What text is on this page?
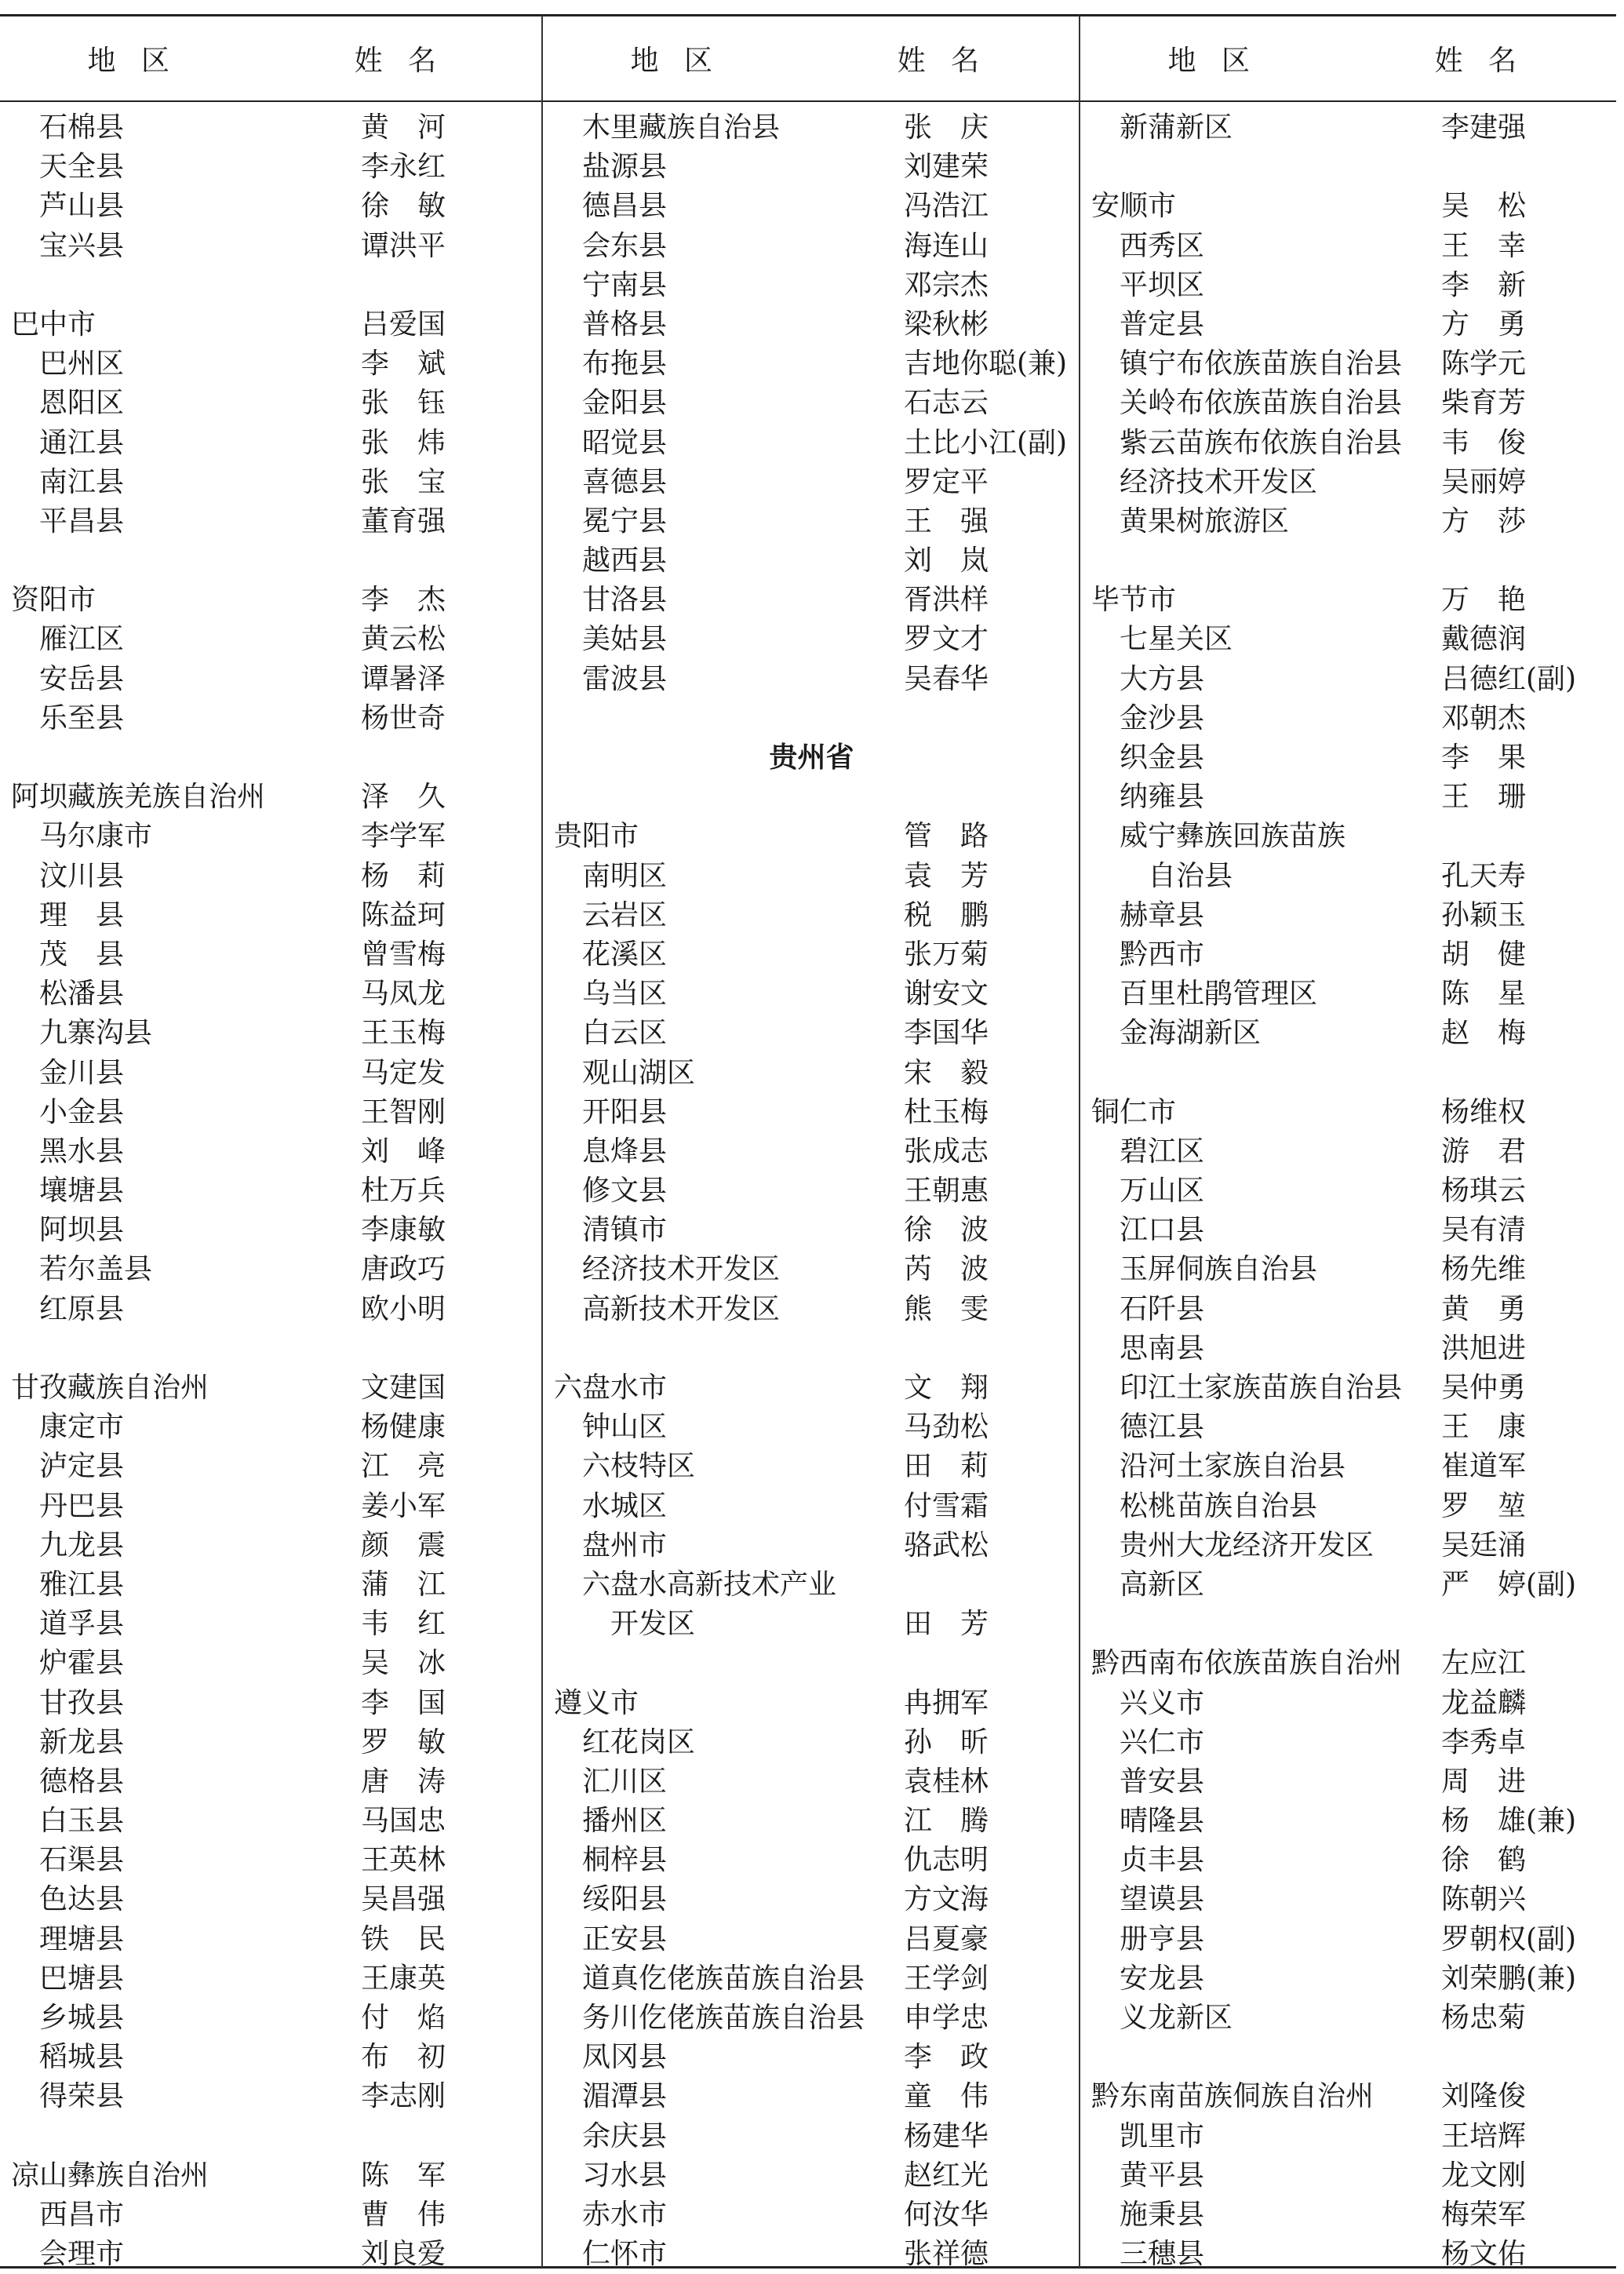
地区	姓名	地区	姓名	地区	姓名
石棉县	黄　河
天全县	李永红
芦山县	徐　敏
宝兴县	谭洪平
巴中市	吕爱国
巴州区	李　斌
恩阳区	张　钰
通江县	张　炜
南江县	张　宝
平昌县	董育强
资阳市	李　杰
雁江区	黄云松
安岳县	谭暑泽
乐至县	杨世奇
阿坝藏族羌族自治州	泽　久
马尔康市	李学军
汶川县	杨　莉
理　县	陈益珂
茂　县	曾雪梅
松潘县	马凤龙
九寨沟县	王玉梅
金川县	马定发
小金县	王智刚
黑水县	刘　峰
壤塘县	杜万兵
阿坝县	李康敏
若尔盖县	唐政巧
红原县	欧小明
甘孜藏族自治州	文建国
康定市	杨健康
泸定县	江　亮
丹巴县	姜小军
九龙县	颜　震
雅江县	蒲　江
道孚县	韦　红
炉霍县	吴　冰
甘孜县	李　国
新龙县	罗　敏
德格县	唐　涛
白玉县	马国忠
石渠县	王英林
色达县	吴昌强
理塘县	铁　民
巴塘县	王康英
乡城县	付　焰
稻城县	布　初
得荣县	李志刚
凉山彝族自治州	陈　军
西昌市	曹　伟
会理市	刘良爱
木里藏族自治县	张　庆
盐源县	刘建荣
德昌县	冯浩江
会东县	海连山
宁南县	邓宗杰
普格县	梁秋彬
布拖县	吉地你聪(兼)
金阳县	石志云
昭觉县	土比小江(副)
喜德县	罗定平
冕宁县	王　强
越西县	刘　岚
甘洛县	胥洪样
美姑县	罗文才
雷波县	吴春华
贵州省
贵阳市	管　路
南明区	袁　芳
云岩区	税　鹏
花溪区	张万菊
乌当区	谢安文
白云区	李国华
观山湖区	宋　毅
开阳县	杜玉梅
息烽县	张成志
修文县	王朝惠
清镇市	徐　波
经济技术开发区	芮　波
高新技术开发区	熊　雯
六盘水市	文　翔
钟山区	马劲松
六枝特区	田　莉
水城区	付雪霜
盘州市	骆武松
六盘水高新技术产业
开发区	田　芳
遵义市	冉拥军
红花岗区	孙　昕
汇川区	袁桂林
播州区	江　腾
桐梓县	仇志明
绥阳县	方文海
正安县	吕夏豪
道真仡佬族苗族自治县 王学剑
务川仡佬族苗族自治县 申学忠
凤冈县	李　政
湄潭县	童　伟
余庆县	杨建华
习水县	赵红光
赤水市	何汝华
仁怀市	张祥德
新蒲新区	李建强
安顺市	吴　松
西秀区	王　幸
平坝区	李　新
普定县	方　勇
镇宁布依族苗族自治县 陈学元
关岭布依族苗族自治县 柴育芳
紫云苗族布依族自治县 韦　俊
经济技术开发区	吴丽婷
黄果树旅游区	方　莎
毕节市	万　艳
七星关区	戴德润
大方县	吕德红(副)
金沙县	邓朝杰
织金县	李　果
纳雍县	王　珊
威宁彝族回族苗族
自治县	孔天寿
赫章县	孙颖玉
黔西市	胡　健
百里杜鹃管理区	陈　星
金海湖新区	赵　梅
铜仁市	杨维权
碧江区	游　君
万山区	杨琪云
江口县	吴有清
玉屏侗族自治县	杨先维
石阡县	黄　勇
思南县	洪旭进
印江土家族苗族自治县 吴仲勇
德江县	王　康
沿河土家族自治县	崔道军
松桃苗族自治县	罗　堃
贵州大龙经济开发区 吴廷涌
高新区	严　婷(副)
黔西南布依族苗族自治州 左应江
兴义市	龙益麟
兴仁市	李秀卓
普安县	周　进
晴隆县	杨　雄(兼)
贞丰县	徐　鹤
望谟县	陈朝兴
册亨县	罗朝权(副)
安龙县	刘荣鹏(兼)
义龙新区	杨忠菊
黔东南苗族侗族自治州 刘隆俊
凯里市	王培辉
黄平县	龙文刚
施秉县	梅荣军
三穗县	杨文佑
